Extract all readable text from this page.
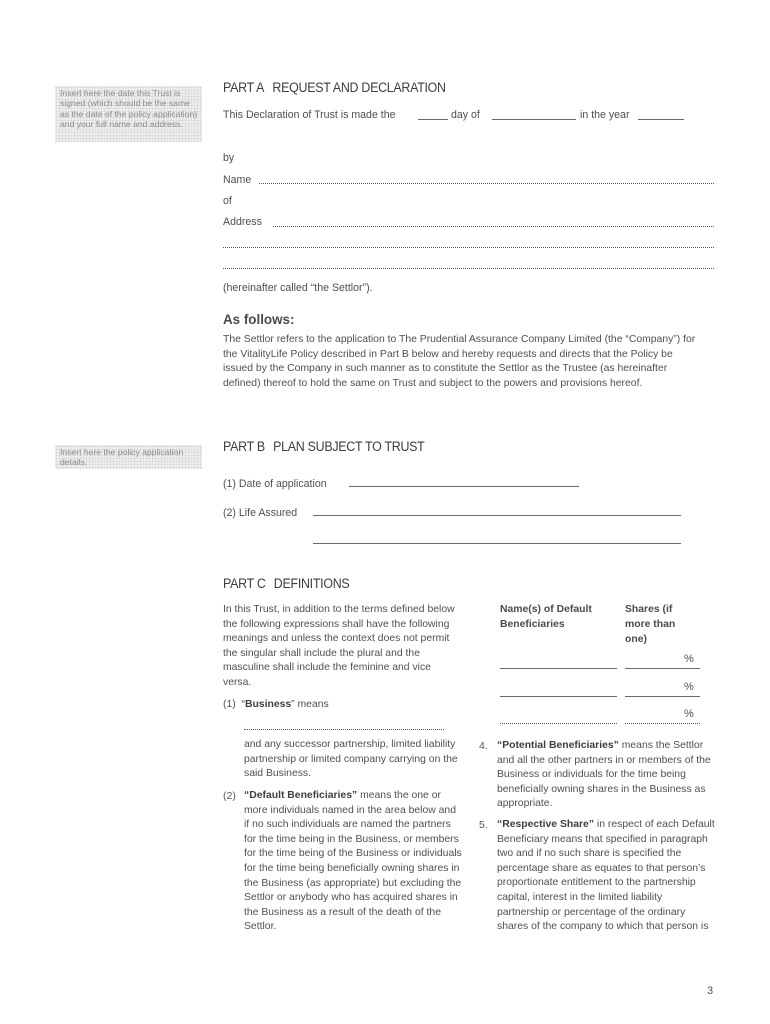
Insert here the date this Trust is signed (which should be the same as the date of the policy application) and your full name and address.
Insert here the policy application details.
PART A REQUEST AND DECLARATION
This Declaration of Trust is made the	day of	in the year
by
Name
of
Address
(hereinafter called “the Settlor”).
As follows:
The Settlor refers to the application to The Prudential Assurance Company Limited (the “Company”) for the VitalityLife Policy described in Part B below and hereby requests and directs that the Policy be issued by the Company in such manner as to constitute the Settlor as the Trustee (as hereinafter defined) thereof to hold the same on Trust and subject to the powers and provisions hereof.
PART B PLAN SUBJECT TO TRUST
(1) Date of application
(2) Life Assured
PART C DEFINITIONS
In this Trust, in addition to the terms defined below the following expressions shall have the following meanings and unless the context does not permit the singular shall include the plural and the masculine shall include the feminine and vice versa.
(1) “Business” means
and any successor partnership, limited liability partnership or limited company carrying on the said Business.
(2) “Default Beneficiaries” means the one or more individuals named in the area below and if no such individuals are named the partners for the time being in the Business, or members for the time being of the Business or individuals for the time being beneficially owning shares in the Business (as appropriate) but excluding the Settlor or anybody who has acquired shares in the Business as a result of the death of the Settlor.
Name(s) of Default Beneficiaries
Shares (if more than one)
%
%
%
4. “Potential Beneficiaries” means the Settlor and all the other partners in or members of the Business or individuals for the time being beneficially owning shares in the Business as appropriate.
5. “Respective Share” in respect of each Default Beneficiary means that specified in paragraph two and if no such share is specified the percentage share as equates to that person’s proportionate entitlement to the partnership capital, interest in the limited liability partnership or percentage of the ordinary shares of the company to which that person is
3
